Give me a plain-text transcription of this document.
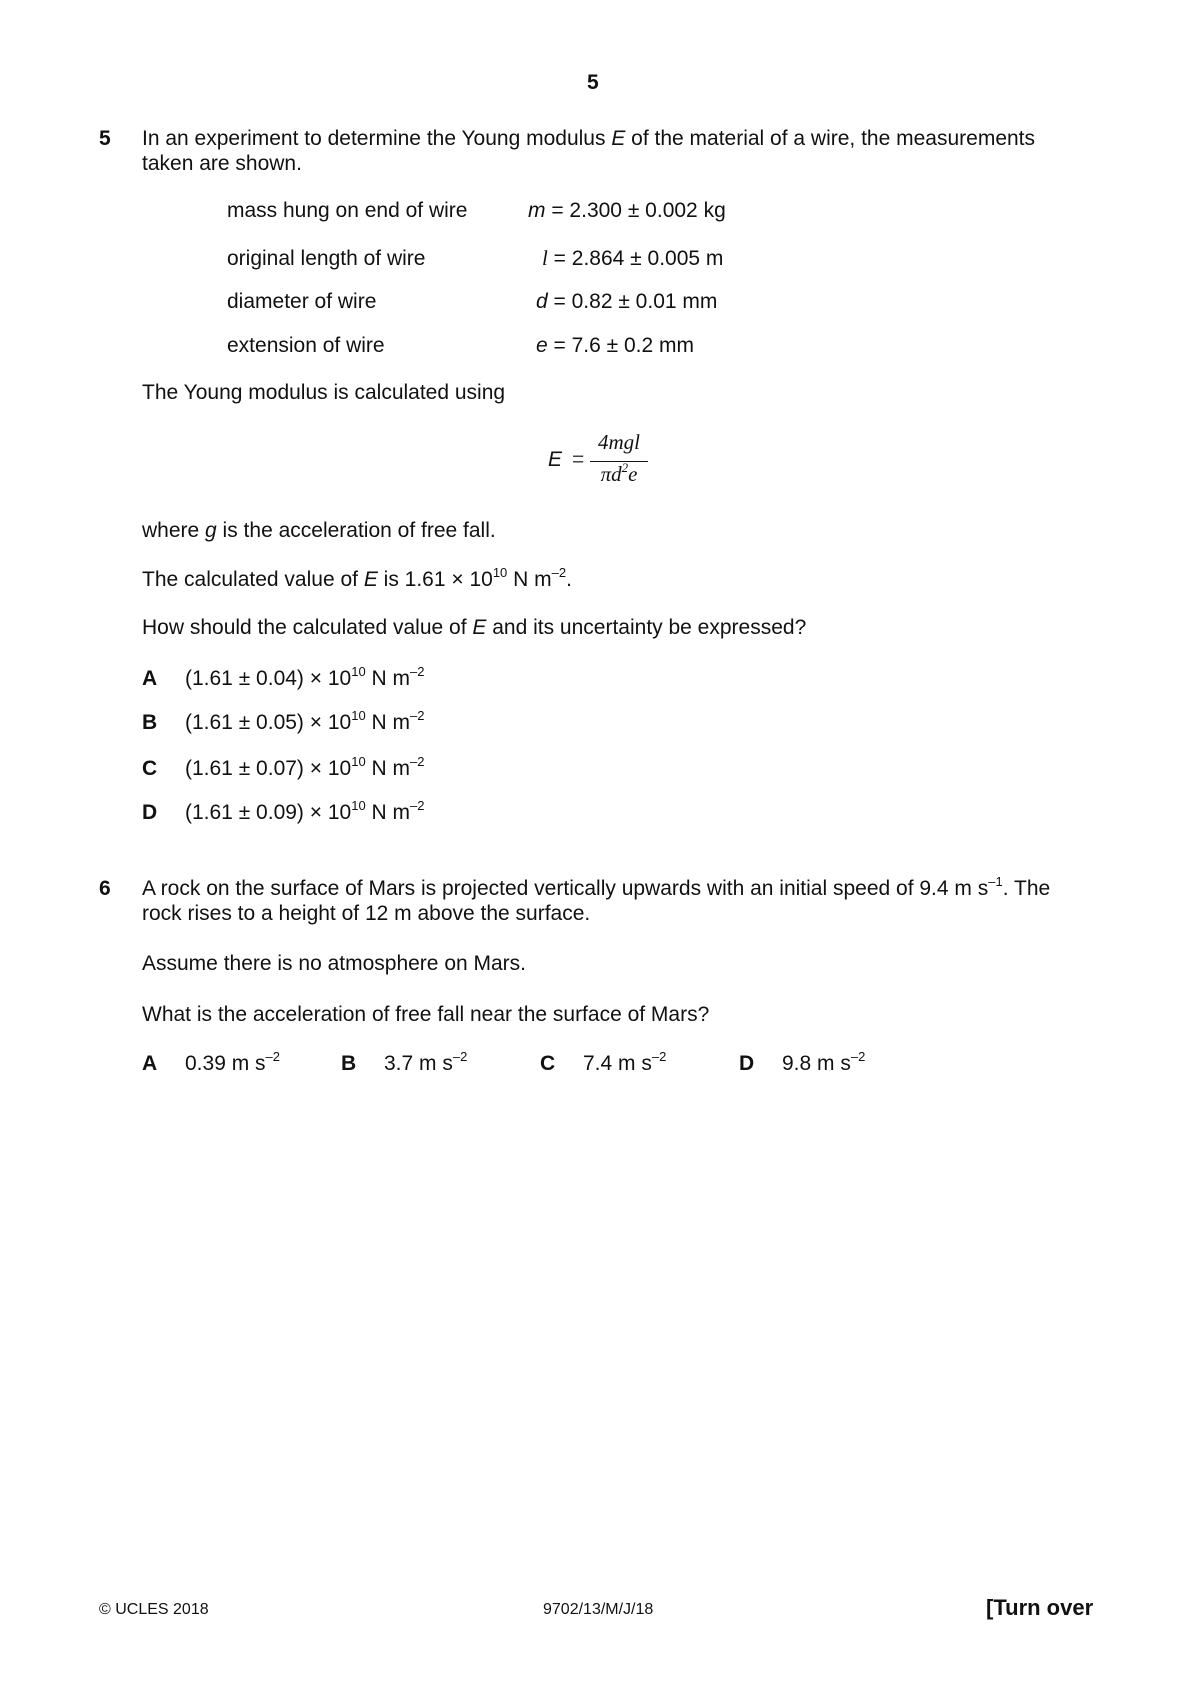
5
5 In an experiment to determine the Young modulus E of the material of a wire, the measurements
taken are shown.
mass hung on end of wire	m = 2.300 ± 0.002 kg
original length of wire	l = 2.864 ± 0.005 m
diameter of wire	d = 0.82 ± 0.01 mm
extension of wire	e = 7.6 ± 0.2 mm
The Young modulus is calculated using
E =
4mgl
$\pi d^2e$
where g is the acceleration of free fall.
The calculated value of E is $1.61 \times 10^{10}$ N $m^{-2}$.
How should the calculated value of E and its uncertainty be expressed?
A $(1.61 \pm 0.04) \times 10^{10}$ N $m^{-2}$
B $(1.61 \pm 0.05) \times 10^{10}$ N $m^{-2}$
C $(1.61 \pm 0.07) \times 10^{10}$ N $m^{-2}$
D $(1.61 \pm 0.09) \times 10^{10}$ N $m^{-2}$
6 A rock on the surface of Mars is projected vertically upwards with an initial speed of 9.4 m $s^{-1}$. The
rock rises to a height of 12 m above the surface.
Assume there is no atmosphere on Mars.
What is the acceleration of free fall near the surface of Mars?
A 0.39 m $s^{-2}$	B 3.7 m $s^{-2}$	C 7.4 m $s^{-2}$	D 9.8 m $s^{-2}$
© UCLES 2018	9702/13/M/J/18	[Turn over
